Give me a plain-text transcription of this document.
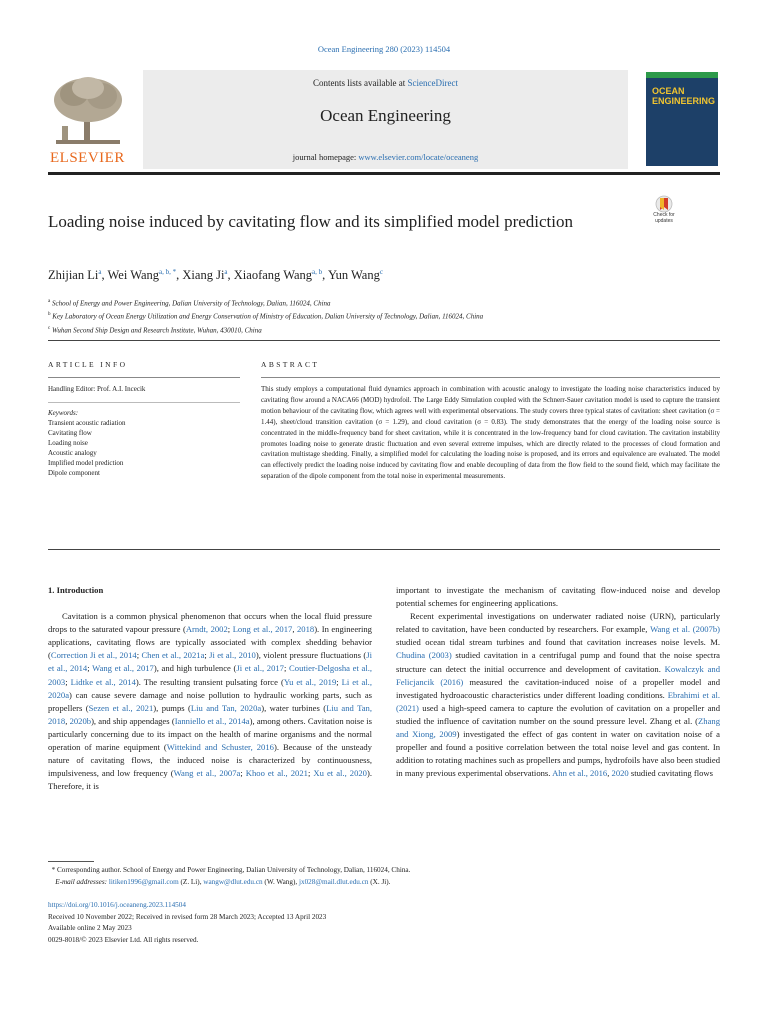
Ocean Engineering 280 (2023) 114504
ELSEVIER
Contents lists available at ScienceDirect
Ocean Engineering
journal homepage: www.elsevier.com/locate/oceaneng
OCEAN
ENGINEERING
Loading noise induced by cavitating flow and its simplified model prediction	Check for updates
Zhijian Li$^a$, Wei Wang$^{a, b, *}$, Xiang Ji$^a$, Xiaofang Wang$^{a, b}$, Yun Wang$^c$
$^a$ School of Energy and Power Engineering, Dalian University of Technology, Dalian, 116024, China
$^b$ Key Laboratory of Ocean Energy Utilization and Energy Conservation of Ministry of Education, Dalian University of Technology, Dalian, 116024, China
$^c$ Wuhan Second Ship Design and Research Institute, Wuhan, 430010, China
ARTICLE INFO
Handling Editor: Prof. A.I. Incecik
Keywords:
Transient acoustic radiation
Cavitating flow
Loading noise
Acoustic analogy
Implified model prediction
Dipole component
ABSTRACT
This study employs a computational fluid dynamics approach in combination with acoustic analogy to investigate the loading noise characteristics induced by cavitating flow around a NACA66 (MOD) hydrofoil. The Large Eddy Simulation coupled with the Schnerr-Sauer cavitation model is used to capture the transient motion behaviour of the cavitating flow, which agrees well with experimental observations. The study covers three typical states of cavitation: sheet cavitation (σ = 1.44), sheet/cloud transition cavitation (σ = 1.29), and cloud cavitation (σ = 0.83). The study demonstrates that the energy of the loading noise source is concentrated in the middle-frequency band for sheet cavitation, while it is concentrated in the low-frequency band for cloud cavitation. The cavitation instability promotes loading noise to generate drastic fluctuation and even several extreme impulses, which are directly related to the processes of cloud formation and cavitation multistage shedding. Finally, a simplified model for calculating the loading noise is proposed, and its errors and equivalence are evaluated. The model can effectively predict the loading noise induced by cavitating flow and enable decoupling of data from the flow field to the sound field, which may facilitate the separation of the dipole component from the total noise in experimental measurements.
1. Introduction

Cavitation is a common physical phenomenon that occurs when the local fluid pressure drops to the saturated vapour pressure (Arndt, 2002; Long et al., 2017, 2018). In engineering applications, cavitating flows are typically associated with complex shedding behavior (Correction Ji et al., 2014; Chen et al., 2021a; Ji et al., 2010), violent pressure fluctuations (Ji et al., 2014; Wang et al., 2017), and high turbulence (Ji et al., 2017; Coutier-Delgosha et al., 2003; Lidtke et al., 2014). The resulting transient pulsating force (Yu et al., 2019; Li et al., 2020a) can cause severe damage and noise pollution to hydraulic working parts, such as propellers (Sezen et al., 2021), pumps (Liu and Tan, 2020a), water turbines (Liu and Tan, 2018, 2020b), and ship appendages (Ianniello et al., 2014a), among others. Cavitation noise is particularly concerning due to its impact on the health of marine organisms and the normal operation of marine equipment (Wittekind and Schuster, 2016). Because of the unsteady nature of cavitating flows, the induced noise is characterized by continuousness, impulsiveness, and low frequency (Wang et al., 2007a; Khoo et al., 2021; Xu et al., 2020). Therefore, it is

important to investigate the mechanism of cavitating flow-induced noise and develop potential schemes for engineering applications.

Recent experimental investigations on underwater radiated noise (URN), particularly related to cavitation, have been conducted by researchers. For example, Wang et al. (2007b) studied ocean tidal stream turbines and found that cavitation increases noise levels. M. Chudina (2003) studied cavitation in a centrifugal pump and found that the noise spectra structure can detect the initial occurrence and development of cavitation. Kowalczyk and Felicjancik (2016) measured the cavitation-induced noise of a propeller model and investigated hydroacoustic characteristics under different loading conditions. Ebrahimi et al. (2021) used a high-speed camera to capture the evolution of cavitation on a propeller and studied the influence of cavitation number on the sound pressure level. Zhang et al. (Zhang and Xiong, 2009) investigated the effect of gas content in water on cavitation noise of a propeller and found a positive correlation between the total noise level and gas content. In addition to rotating machines such as propellers and pumps, hydrofoils have also been studied in many previous experimental observations. Ahn et al., 2016, 2020 studied cavitating flows

* Corresponding author. School of Energy and Power Engineering, Dalian University of Technology, Dalian, 116024, China.
E-mail addresses: litiken1996@gmail.com (Z. Li), wangw@dlut.edu.cn (W. Wang), jx028@mail.dlut.edu.cn (X. Ji).
https://doi.org/10.1016/j.oceaneng.2023.114504
Received 10 November 2022; Received in revised form 28 March 2023; Accepted 13 April 2023
Available online 2 May 2023
0029-8018/© 2023 Elsevier Ltd. All rights reserved.
